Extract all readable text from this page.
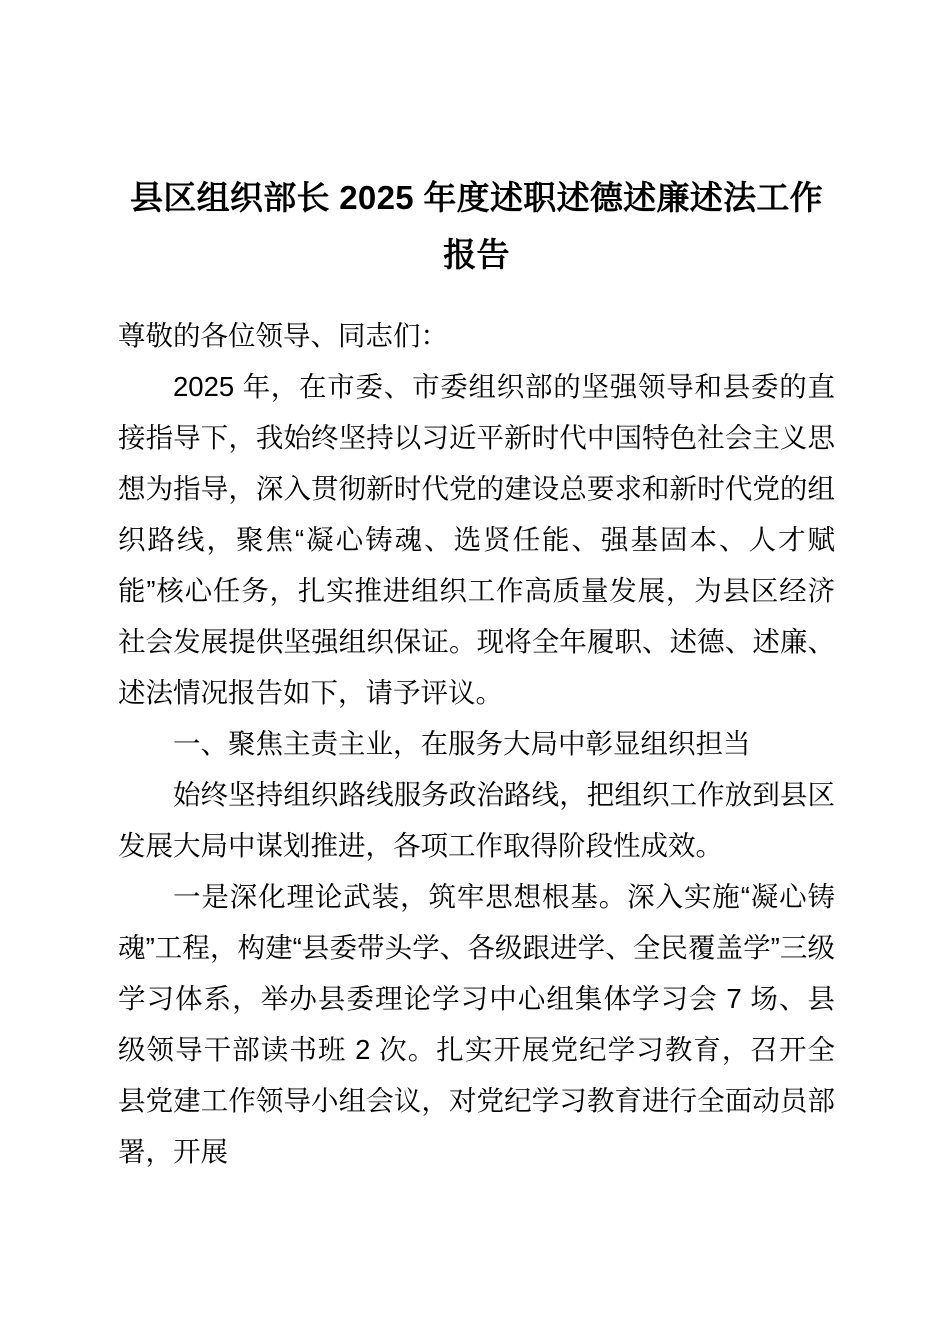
县区组织部长 2025 年度述职述德述廉述法工作报告

尊敬的各位领导、同志们：

2025 年，在市委、市委组织部的坚强领导和县委的直接指导下，我始终坚持以习近平新时代中国特色社会主义思想为指导，深入贯彻新时代党的建设总要求和新时代党的组织路线，聚焦“凝心铸魂、选贤任能、强基固本、人才赋能”核心任务，扎实推进组织工作高质量发展，为县区经济社会发展提供坚强组织保证。现将全年履职、述德、述廉、述法情况报告如下，请予评议。

一、聚焦主责主业，在服务大局中彰显组织担当

始终坚持组织路线服务政治路线，把组织工作放到县区发展大局中谋划推进，各项工作取得阶段性成效。

一是深化理论武装，筑牢思想根基。深入实施“凝心铸魂”工程，构建“县委带头学、各级跟进学、全民覆盖学”三级学习体系，举办县委理论学习中心组集体学习会 7 场、县级领导干部读书班 2 次。扎实开展党纪学习教育，召开全县党建工作领导小组会议，对党纪学习教育进行全面动员部署，开展
